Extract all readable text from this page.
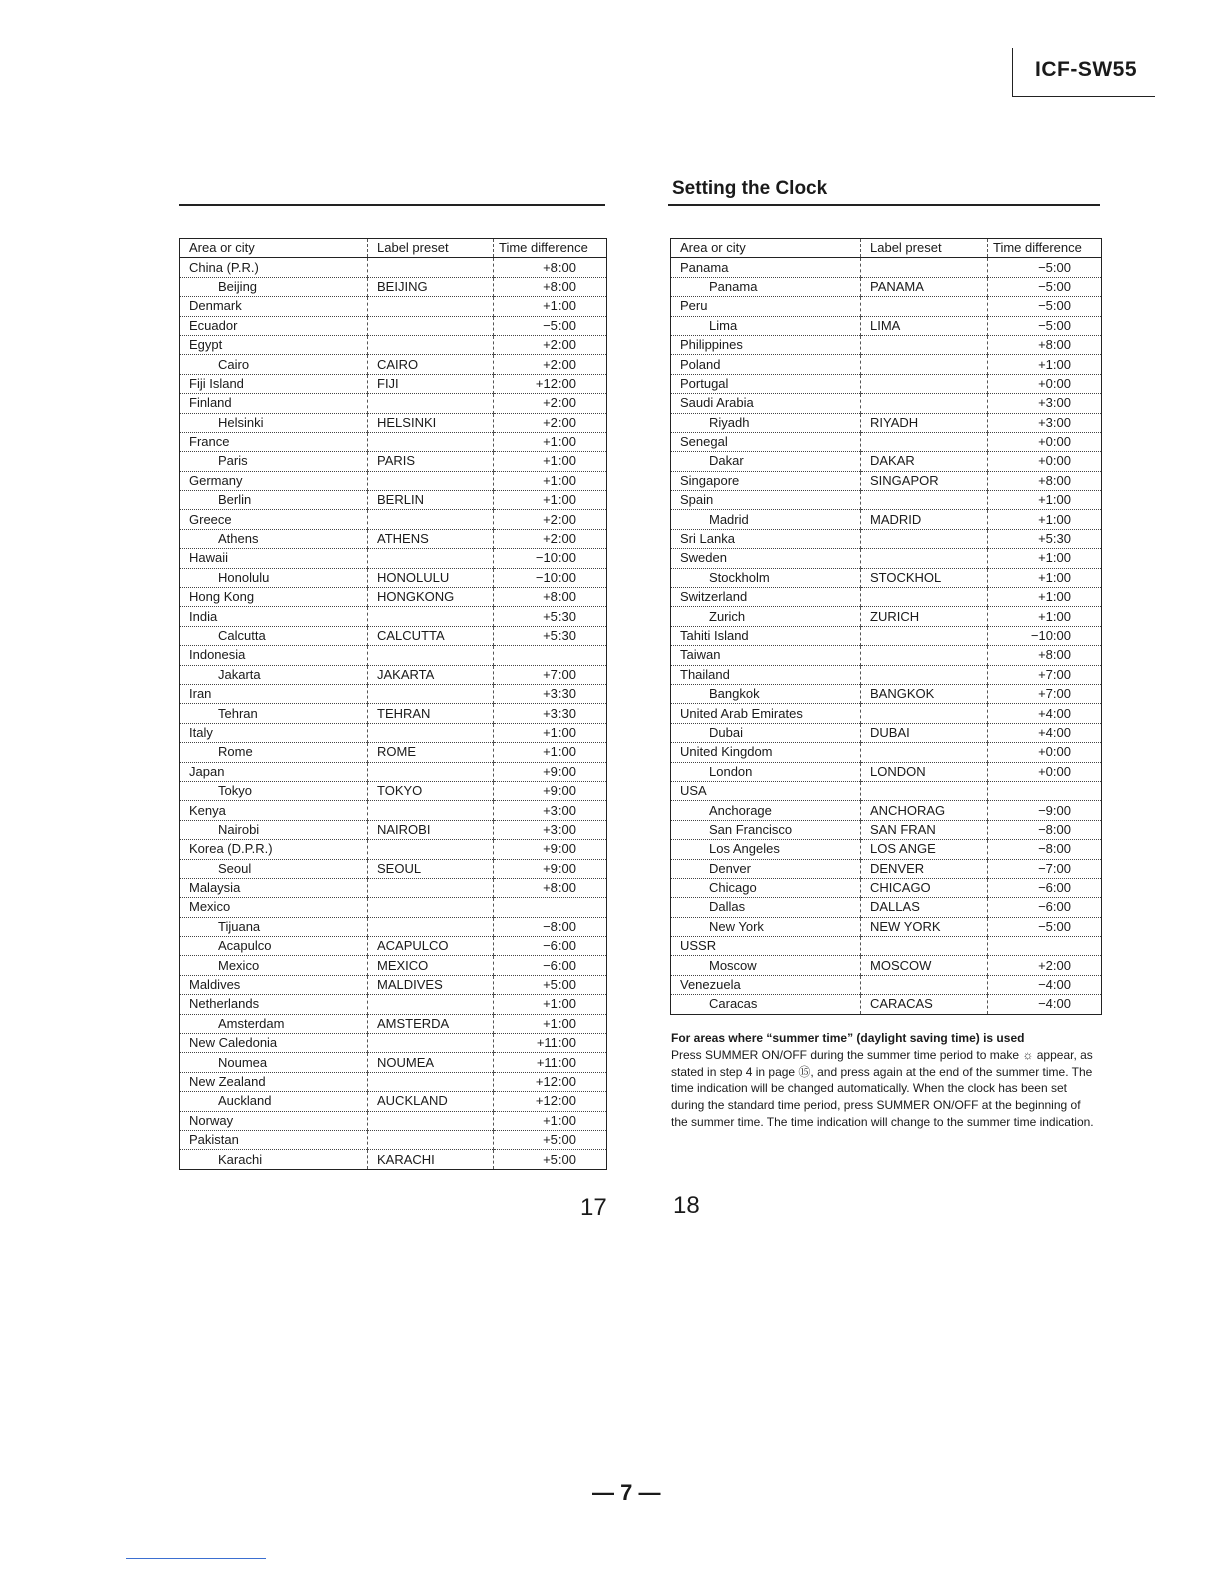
ICF-SW55
Setting the Clock
Area or city	Label preset	Time difference
China (P.R.)		+8:00
Beijing	BEIJING	+8:00
Denmark		+1:00
Ecuador		−5:00
Egypt		+2:00
Cairo	CAIRO	+2:00
Fiji Island	FIJI	+12:00
Finland		+2:00
Helsinki	HELSINKI	+2:00
France		+1:00
Paris	PARIS	+1:00
Germany		+1:00
Berlin	BERLIN	+1:00
Greece		+2:00
Athens	ATHENS	+2:00
Hawaii		−10:00
Honolulu	HONOLULU	−10:00
Hong Kong	HONGKONG	+8:00
India		+5:30
Calcutta	CALCUTTA	+5:30
Indonesia		
Jakarta	JAKARTA	+7:00
Iran		+3:30
Tehran	TEHRAN	+3:30
Italy		+1:00
Rome	ROME	+1:00
Japan		+9:00
Tokyo	TOKYO	+9:00
Kenya		+3:00
Nairobi	NAIROBI	+3:00
Korea (D.P.R.)		+9:00
Seoul	SEOUL	+9:00
Malaysia		+8:00
Mexico		
Tijuana		−8:00
Acapulco	ACAPULCO	−6:00
Mexico	MEXICO	−6:00
Maldives	MALDIVES	+5:00
Netherlands		+1:00
Amsterdam	AMSTERDA	+1:00
New Caledonia		+11:00
Noumea	NOUMEA	+11:00
New Zealand		+12:00
Auckland	AUCKLAND	+12:00
Norway		+1:00
Pakistan		+5:00
Karachi	KARACHI	+5:00
Area or city	Label preset	Time difference
Panama		−5:00
Panama	PANAMA	−5:00
Peru		−5:00
Lima	LIMA	−5:00
Philippines		+8:00
Poland		+1:00
Portugal		+0:00
Saudi Arabia		+3:00
Riyadh	RIYADH	+3:00
Senegal		+0:00
Dakar	DAKAR	+0:00
Singapore	SINGAPOR	+8:00
Spain		+1:00
Madrid	MADRID	+1:00
Sri Lanka		+5:30
Sweden		+1:00
Stockholm	STOCKHOL	+1:00
Switzerland		+1:00
Zurich	ZURICH	+1:00
Tahiti Island		−10:00
Taiwan		+8:00
Thailand		+7:00
Bangkok	BANGKOK	+7:00
United Arab Emirates		+4:00
Dubai	DUBAI	+4:00
United Kingdom		+0:00
London	LONDON	+0:00
USA		
Anchorage	ANCHORAG	−9:00
San Francisco	SAN FRAN	−8:00
Los Angeles	LOS ANGE	−8:00
Denver	DENVER	−7:00
Chicago	CHICAGO	−6:00
Dallas	DALLAS	−6:00
New York	NEW YORK	−5:00
USSR		
Moscow	MOSCOW	+2:00
Venezuela		−4:00
Caracas	CARACAS	−4:00
For areas where “summer time” (daylight saving time) is used
Press SUMMER ON/OFF during the summer time period to make ☼ appear, as stated in step 4 in page ⑮, and press again at the end of the summer time. The time indication will be changed automatically. When the clock has been set during the standard time period, press SUMMER ON/OFF at the beginning of the summer time. The time indication will change to the summer time indication.
17	18
— 7 —
